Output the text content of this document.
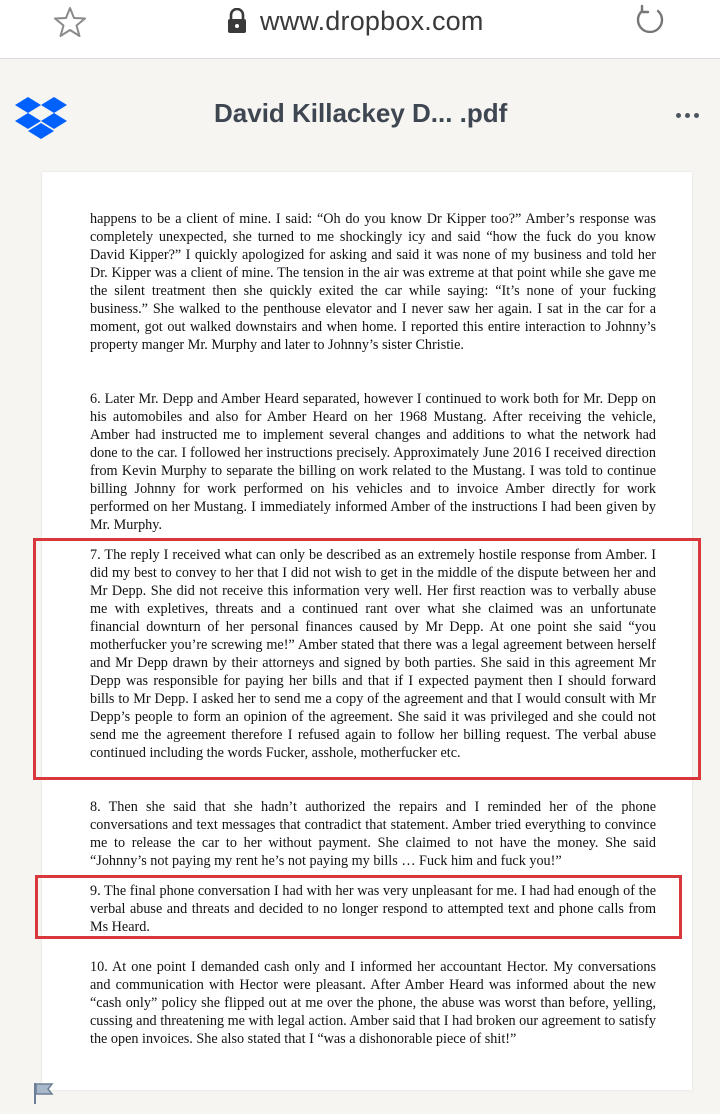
www.dropbox.com
David Killackey D... .pdf

happens to be a client of mine. I said: “Oh do you know Dr Kipper too?” Amber’s response was completely unexpected, she turned to me shockingly icy and said “how the fuck do you know David Kipper?” I quickly apologized for asking and said it was none of my business and told her Dr. Kipper was a client of mine. The tension in the air was extreme at that point while she gave me the silent treatment then she quickly exited the car while saying: “It’s none of your fucking business.” She walked to the penthouse elevator and I never saw her again. I sat in the car for a moment, got out walked downstairs and when home. I reported this entire interaction to Johnny’s property manger Mr. Murphy and later to Johnny’s sister Christie.

6. Later Mr. Depp and Amber Heard separated, however I continued to work both for Mr. Depp on his automobiles and also for Amber Heard on her 1968 Mustang. After receiving the vehicle, Amber had instructed me to implement several changes and additions to what the network had done to the car. I followed her instructions precisely. Approximately June 2016 I received direction from Kevin Murphy to separate the billing on work related to the Mustang. I was told to continue billing Johnny for work performed on his vehicles and to invoice Amber directly for work performed on her Mustang. I immediately informed Amber of the instructions I had been given by Mr. Murphy.

7. The reply I received what can only be described as an extremely hostile response from Amber. I did my best to convey to her that I did not wish to get in the middle of the dispute between her and Mr Depp. She did not receive this information very well. Her first reaction was to verbally abuse me with expletives, threats and a continued rant over what she claimed was an unfortunate financial downturn of her personal finances caused by Mr Depp. At one point she said “you motherfucker you’re screwing me!” Amber stated that there was a legal agreement between herself and Mr Depp drawn by their attorneys and signed by both parties. She said in this agreement Mr Depp was responsible for paying her bills and that if I expected payment then I should forward bills to Mr Depp. I asked her to send me a copy of the agreement and that I would consult with Mr Depp’s people to form an opinion of the agreement. She said it was privileged and she could not send me the agreement therefore I refused again to follow her billing request. The verbal abuse continued including the words Fucker, asshole, motherfucker etc.

8. Then she said that she hadn’t authorized the repairs and I reminded her of the phone conversations and text messages that contradict that statement. Amber tried everything to convince me to release the car to her without payment. She claimed to not have the money. She said “Johnny’s not paying my rent he’s not paying my bills … Fuck him and fuck you!”

9. The final phone conversation I had with her was very unpleasant for me. I had had enough of the verbal abuse and threats and decided to no longer respond to attempted text and phone calls from Ms Heard.

10. At one point I demanded cash only and I informed her accountant Hector. My conversations and communication with Hector were pleasant. After Amber Heard was informed about the new “cash only” policy she flipped out at me over the phone, the abuse was worst than before, yelling, cussing and threatening me with legal action. Amber said that I had broken our agreement to satisfy the open invoices. She also stated that I “was a dishonorable piece of shit!”
